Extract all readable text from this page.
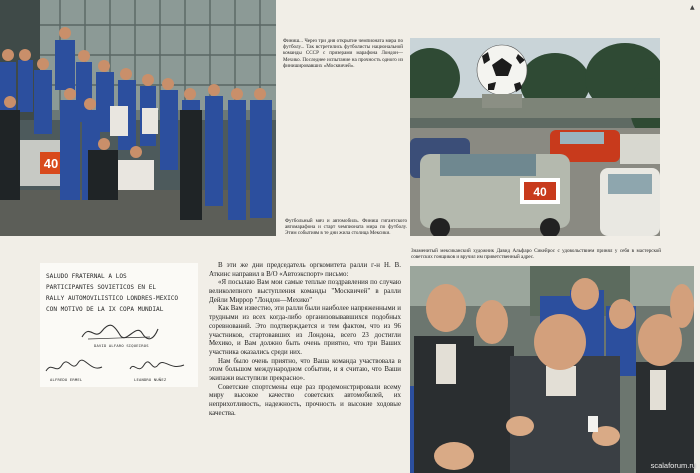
40
40
Финиш... Через три дня открытие чемпионата мира по футболу... Так встретились футболисты национальной команды СССР с призерами марафона Лондон—Мехико. Последнее испытание на прочность одного из финишировавших «Москвичей».
Футбольный мяч и автомобиль. Финиш гигантского автомарафона и старт чемпионата мира по футболу. Этим событиям в те дни жила столица Мексики.
Знаменитый мексиканский художник Давид Альфаро Сикейрос с удовольствием принял у себя в мастерской советских гонщиков и вручил им приветственный адрес.
SALUDO FRATERNAL A LOS
PARTICIPANTES SOVIETICOS EN EL
RALLY AUTOMOVILISTICO LONDRES-MEXICO
CON MOTIVO DE LA IX COPA MUNDIAL
DAVID ALFARO SIQUEIROS
ALFREDO ERMEL	LEANDRO NUÑEZ

В эти же дни председатель оргкомитета ралли г-н Н. В. Аткинс направил в В/О «Автоэкспорт» письмо:

«Я посылаю Вам мои самые теплые поздравления по случаю великолепного выступления команды "Москвичей" в ралли Дейли Миррор "Лондон—Мехико"

Как Вам известно, эти ралли были наиболее напряженными и трудными из всех когда-либо организовывавшихся подобных соревнований. Это подтверждается и тем фактом, что из 96 участников, стартовавших из Лондона, всего 23 достигли Мехико, и Вам должно быть очень приятно, что три Ваших участника оказались среди них.

Нам было очень приятно, что Ваша команда участвовала в этом большом международном событии, и я считаю, что Ваши экипажи выступили прекрасно».

Советские спортсмены еще раз продемонстрировали всему миру высокое качество советских автомобилей, их неприхотливость, надежность, прочность и высокие ходовые качества.

▲
scalaforum.ru
